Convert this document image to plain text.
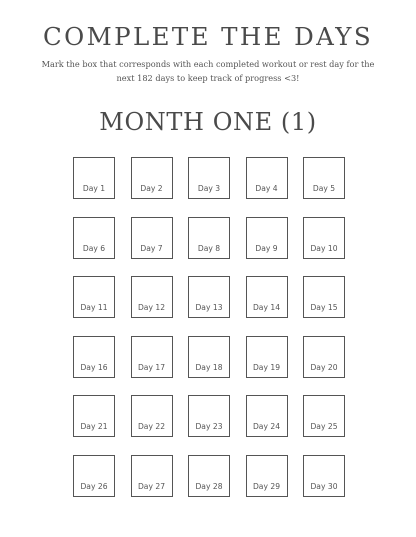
COMPLETE THE DAYS
Mark the box that corresponds with each completed workout or rest day for the next 182 days to keep track of progress <3!
MONTH ONE (1)
Day 1	Day 2	Day 3	Day 4	Day 5
Day 6	Day 7	Day 8	Day 9	Day 10
Day 11	Day 12	Day 13	Day 14	Day 15
Day 16	Day 17	Day 18	Day 19	Day 20
Day 21	Day 22	Day 23	Day 24	Day 25
Day 26	Day 27	Day 28	Day 29	Day 30
